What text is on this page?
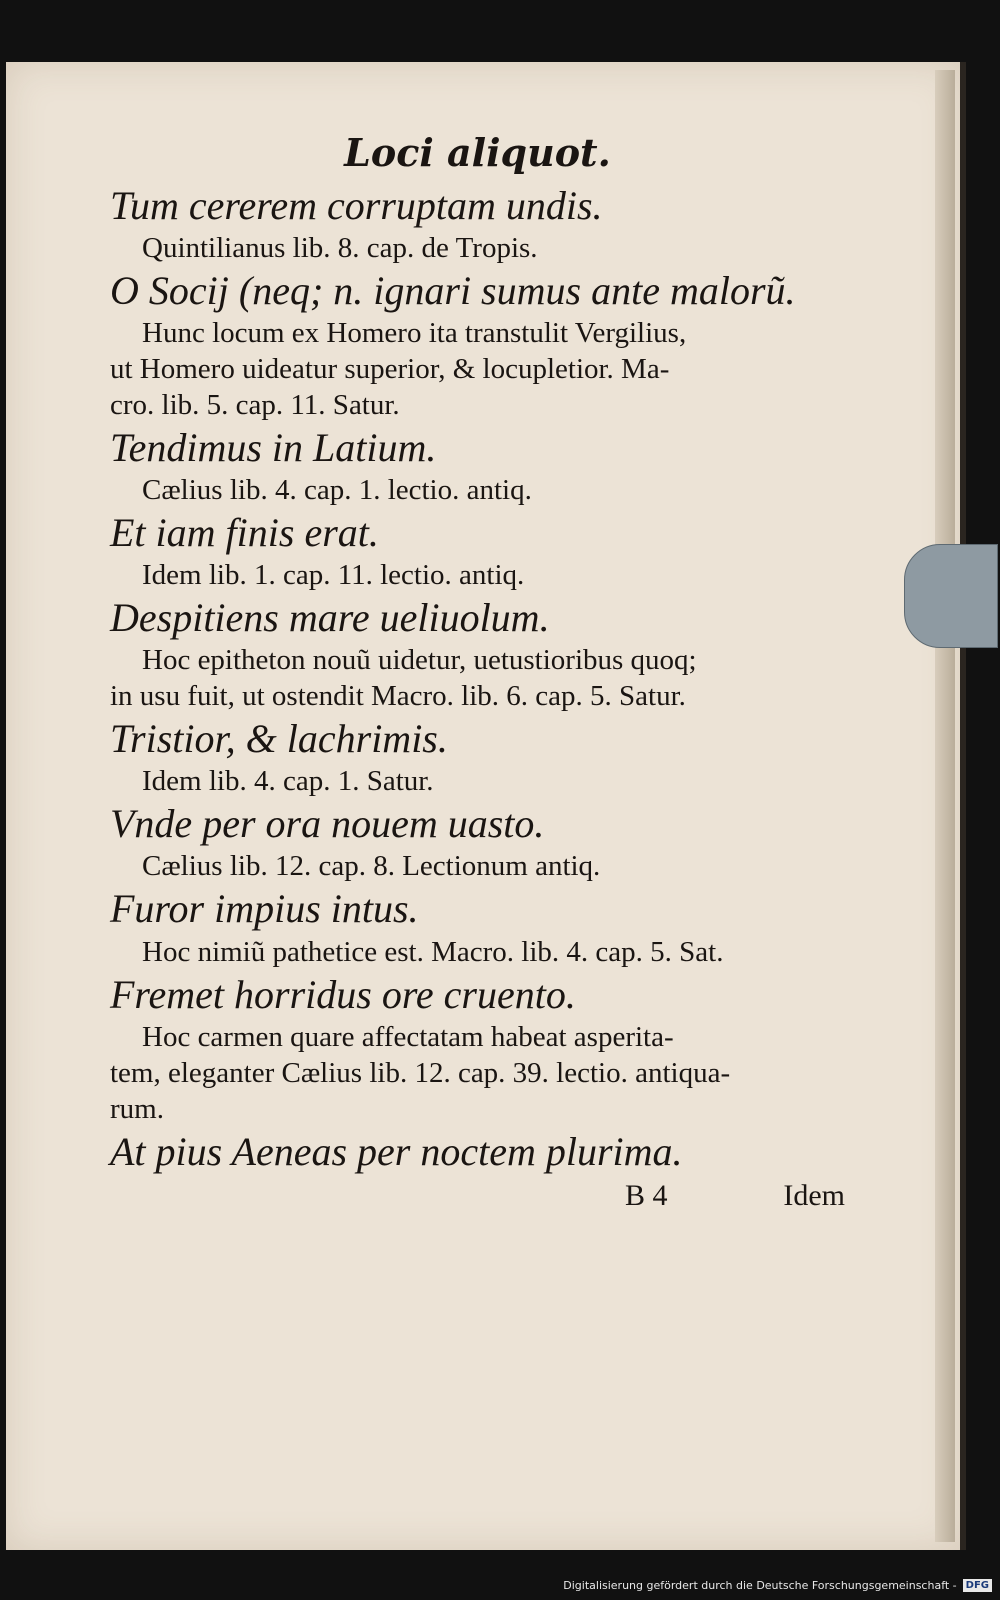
Loci aliquot.

Tum cererem corruptam undis.

Quintilianus lib. 8. cap. de Tropis.

O Socij (neq; n. ignari sumus ante malorũ.

Hunc locum ex Homero ita transtulit Vergilius,
ut Homero uideatur superior, & locupletior. Ma-
cro. lib. 5. cap. 11. Satur.

Tendimus in Latium.

Cælius lib. 4. cap. 1. lectio. antiq.

Et iam finis erat.

Idem lib. 1. cap. 11. lectio. antiq.

Despitiens mare ueliuolum.

Hoc epitheton nouũ uidetur, uetustioribus quoq;
in usu fuit, ut ostendit Macro. lib. 6. cap. 5. Satur.

Tristior, & lachrimis.

Idem lib. 4. cap. 1. Satur.

Vnde per ora nouem uasto.

Cælius lib. 12. cap. 8. Lectionum antiq.

Furor impius intus.

Hoc nimiũ pathetice est. Macro. lib. 4. cap. 5. Sat.

Fremet horridus ore cruento.

Hoc carmen quare affectatam habeat asperita-
tem, eleganter Cælius lib. 12. cap. 39. lectio. antiqua-
rum.

At pius Aeneas per noctem plurima.

B 4	Idem
Digitalisierung gefördert durch die Deutsche Forschungsgemeinschaft - DFG
